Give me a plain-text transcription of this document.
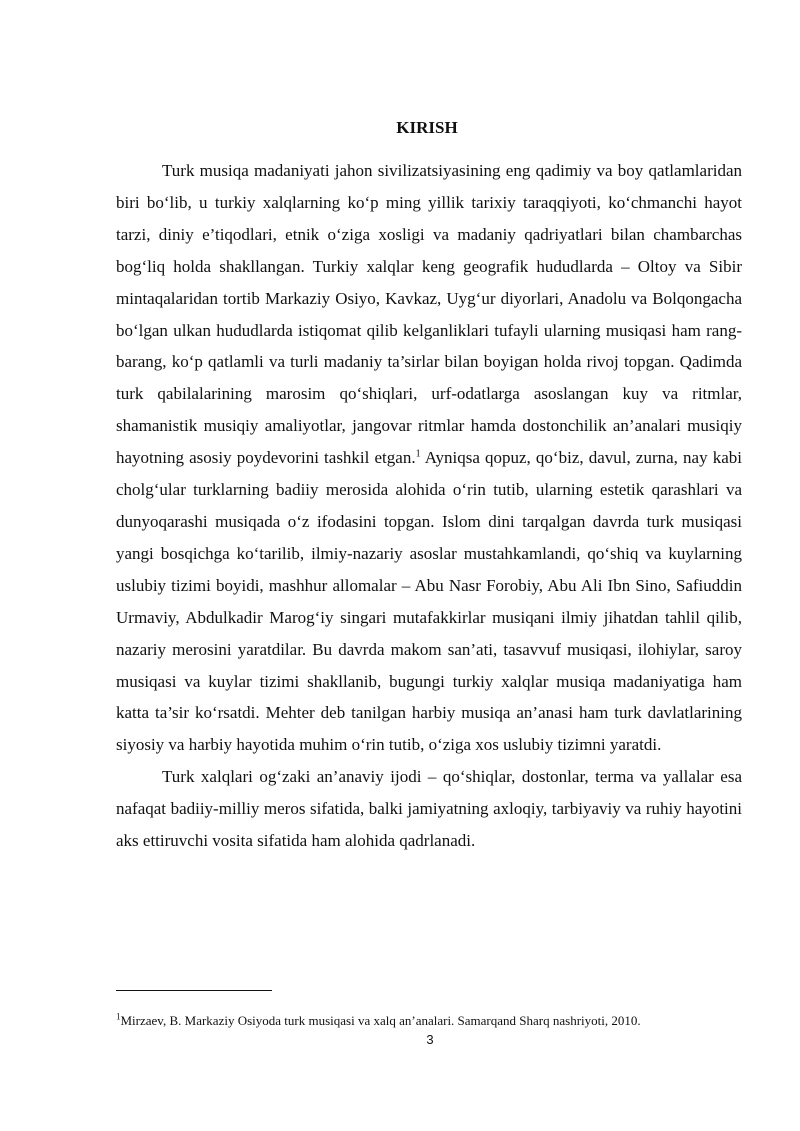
KIRISH

Turk musiqa madaniyati jahon sivilizatsiyasining eng qadimiy va boy qatlamlaridan biri bo‘lib, u turkiy xalqlarning ko‘p ming yillik tarixiy taraqqiyoti, ko‘chmanchi hayot tarzi, diniy e’tiqodlari, etnik o‘ziga xosligi va madaniy qadriyatlari bilan chambarchas bog‘liq holda shakllangan. Turkiy xalqlar keng geografik hududlarda – Oltoy va Sibir mintaqalaridan tortib Markaziy Osiyo, Kavkaz, Uyg‘ur diyorlari, Anadolu va Bolqongacha bo‘lgan ulkan hududlarda istiqomat qilib kelganliklari tufayli ularning musiqasi ham rang-barang, ko‘p qatlamli va turli madaniy ta’sirlar bilan boyigan holda rivoj topgan. Qadimda turk qabilalarining marosim qo‘shiqlari, urf-odatlarga asoslangan kuy va ritmlar, shamanistik musiqiy amaliyotlar, jangovar ritmlar hamda dostonchilik an’analari musiqiy hayotning asosiy poydevorini tashkil etgan.$^1$ Ayniqsa qopuz, qo‘biz, davul, zurna, nay kabi cholg‘ular turklarning badiiy merosida alohida o‘rin tutib, ularning estetik qarashlari va dunyoqarashi musiqada o‘z ifodasini topgan. Islom dini tarqalgan davrda turk musiqasi yangi bosqichga ko‘tarilib, ilmiy-nazariy asoslar mustahkamlandi, qo‘shiq va kuylarning uslubiy tizimi boyidi, mashhur allomalar – Abu Nasr Forobiy, Abu Ali Ibn Sino, Safiuddin Urmaviy, Abdulkadir Marog‘iy singari mutafakkirlar musiqani ilmiy jihatdan tahlil qilib, nazariy merosini yaratdilar. Bu davrda makom san’ati, tasavvuf musiqasi, ilohiylar, saroy musiqasi va kuylar tizimi shakllanib, bugungi turkiy xalqlar musiqa madaniyatiga ham katta ta’sir ko‘rsatdi. Mehter deb tanilgan harbiy musiqa an’anasi ham turk davlatlarining siyosiy va harbiy hayotida muhim o‘rin tutib, o‘ziga xos uslubiy tizimni yaratdi.

Turk xalqlari og‘zaki an’anaviy ijodi – qo‘shiqlar, dostonlar, terma va yallalar esa nafaqat badiiy-milliy meros sifatida, balki jamiyatning axloqiy, tarbiyaviy va ruhiy hayotini aks ettiruvchi vosita sifatida ham alohida qadrlanadi.

$^1$Mirzaev, B. Markaziy Osiyoda turk musiqasi va xalq an’analari. Samarqand Sharq nashriyoti, 2010.

3
